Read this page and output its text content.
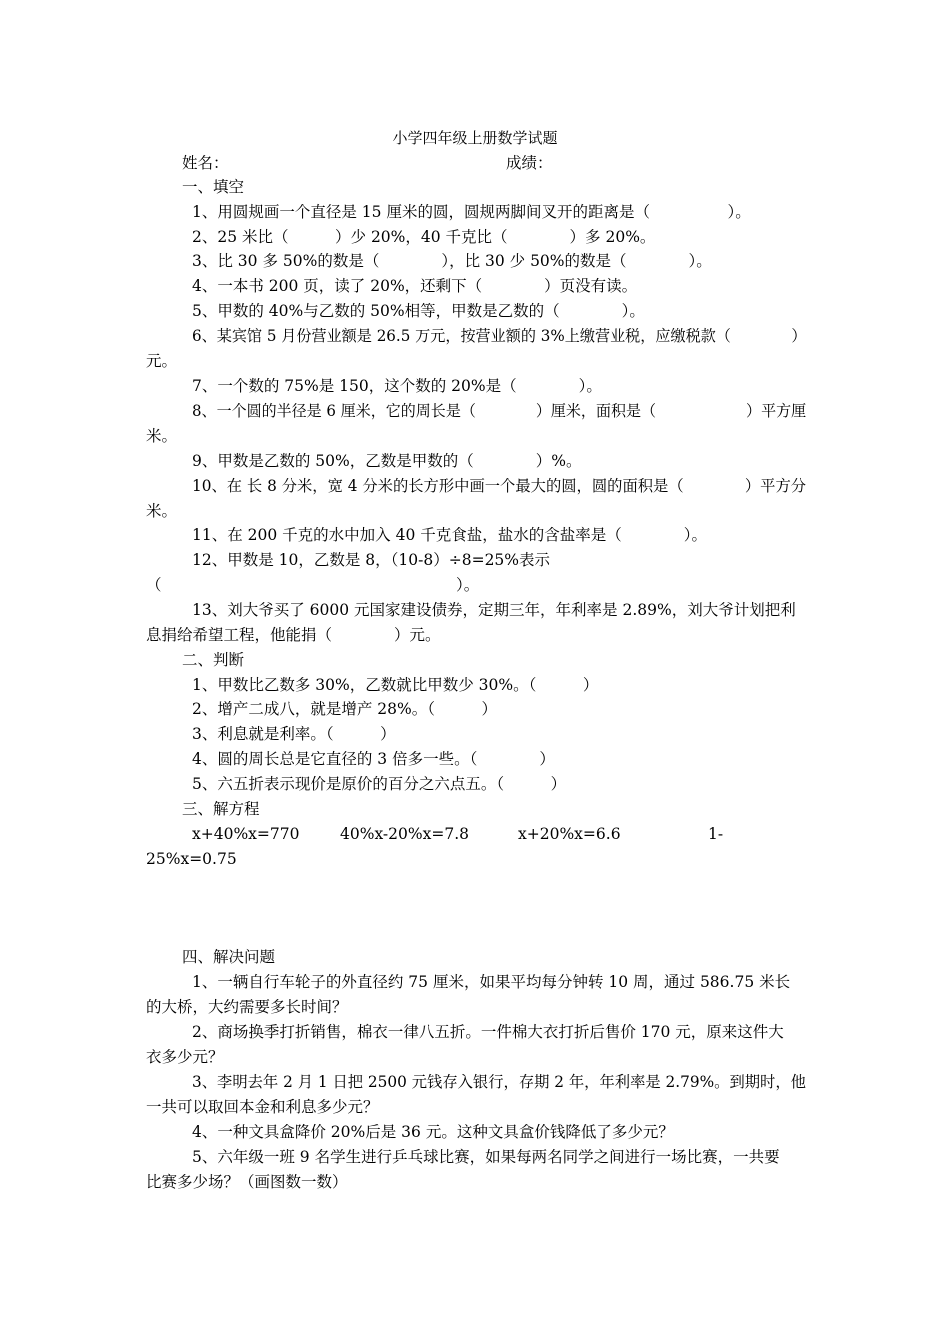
小学四年级上册数学试题
姓名：	成绩：
一、填空
1、用圆规画一个直径是 15 厘米的圆，圆规两脚间叉开的距离是（　　　　　）。
2、25 米比（　　　）少 20%，40 千克比（　　　　）多 20%。
3、比 30 多 50%的数是（　　　　），比 30 少 50%的数是（　　　　）。
4、一本书 200 页，读了 20%，还剩下（　　　　）页没有读。
5、甲数的 40%与乙数的 50%相等，甲数是乙数的（　　　　）。
6、某宾馆 5 月份营业额是 26.5 万元，按营业额的 3%上缴营业税，应缴税款（　　　　）
元。
7、一个数的 75%是 150，这个数的 20%是（　　　　）。
8、一个圆的半径是 6 厘米，它的周长是（　　　　）厘米，面积是（　　　　　　）平方厘
米。
9、甲数是乙数的 50%，乙数是甲数的（　　　　）%。
10、在 长 8 分米，宽 4 分米的长方形中画一个最大的圆，圆的面积是（　　　　）平方分
米。
11、在 200 千克的水中加入 40 千克食盐，盐水的含盐率是（　　　　）。
12、甲数是 10，乙数是 8，（10-8）÷8=25%表示
（　　　　　　　　　　　　　　　　　　　）。
13、刘大爷买了 6000 元国家建设债券，定期三年，年利率是 2.89%，刘大爷计划把利
息捐给希望工程，他能捐（　　　　）元。
二、判断
1、甲数比乙数多 30%，乙数就比甲数少 30%。（　　　）
2、增产二成八，就是增产 28%。（　　　）
3、利息就是利率。（　　　）
4、圆的周长总是它直径的 3 倍多一些。（　　　　）
5、六五折表示现价是原价的百分之六点五。（　　　）
三、解方程
x+40%x=770	40%x-20%x=7.8	x+20%x=6.6	1-
25%x=0.75
四、解决问题
1、一辆自行车轮子的外直径约 75 厘米，如果平均每分钟转 10 周，通过 586.75 米长
的大桥，大约需要多长时间？
2、商场换季打折销售，棉衣一律八五折。一件棉大衣打折后售价 170 元，原来这件大
衣多少元？
3、李明去年 2 月 1 日把 2500 元钱存入银行，存期 2 年，年利率是 2.79%。到期时，他
一共可以取回本金和利息多少元？
4、一种文具盒降价 20%后是 36 元。这种文具盒价钱降低了多少元？
5、六年级一班 9 名学生进行乒乓球比赛，如果每两名同学之间进行一场比赛，一共要
比赛多少场？（画图数一数）
